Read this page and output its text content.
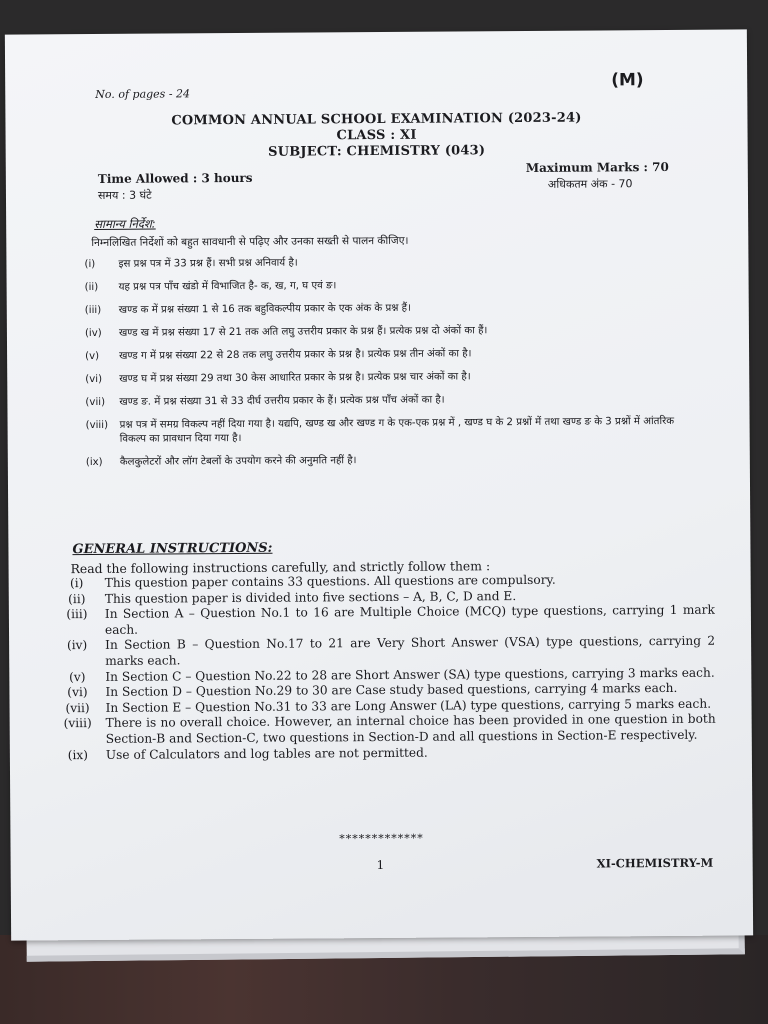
No. of pages - 24
(M)
COMMON ANNUAL SCHOOL EXAMINATION (2023-24)
CLASS : XI
SUBJECT: CHEMISTRY (043)
Time Allowed : 3 hours
समय : 3 घंटे
Maximum Marks : 70
अधिकतम अंक - 70
सामान्य निर्देश:
निम्नलिखित निर्देशों को बहुत सावधानी से पढ़िए और उनका सख्ती से पालन कीजिए।
(i) इस प्रश्न पत्र में 33 प्रश्न हैं। सभी प्रश्न अनिवार्य है।
(ii) यह प्रश्न पत्र पाँच खंडो में विभाजित है- क, ख, ग, घ एवं ङ।
(iii) खण्ड क में प्रश्न संख्या 1 से 16 तक बहुविकल्पीय प्रकार के एक अंक के प्रश्न हैं।
(iv) खण्ड ख में प्रश्न संख्या 17 से 21 तक अति लघु उत्तरीय प्रकार के प्रश्न हैं। प्रत्येक प्रश्न दो अंकों का हैं।
(v) खण्ड ग में प्रश्न संख्या 22 से 28 तक लघु उत्तरीय प्रकार के प्रश्न है। प्रत्येक प्रश्न तीन अंकों का है।
(vi) खण्ड घ में प्रश्न संख्या 29 तथा 30 केस आधारित प्रकार के प्रश्न है। प्रत्येक प्रश्न चार अंकों का है।
(vii) खण्ड ङ. में प्रश्न संख्या 31 से 33 दीर्घ उत्तरीय प्रकार के हैं। प्रत्येक प्रश्न पाँच अंकों का है।
(viii) प्रश्न पत्र में समग्र विकल्प नहीं दिया गया है। यद्यपि, खण्ड ख और खण्ड ग के एक-एक प्रश्न में , खण्ड घ के 2 प्रश्नों में तथा खण्ड ङ के 3 प्रश्नों में आंतरिक विकल्प का प्रावधान दिया गया है।
(ix) कैलकुलेटरों और लॉग टेबलों के उपयोग करने की अनुमति नहीं है।
GENERAL INSTRUCTIONS:
Read the following instructions carefully, and strictly follow them :
(i)	This question paper contains 33 questions. All questions are compulsory.
(ii)	This question paper is divided into five sections – A, B, C, D and E.
(iii)	In Section A – Question No.1 to 16 are Multiple Choice (MCQ) type questions, carrying 1 mark each.
(iv)	In Section B – Question No.17 to 21 are Very Short Answer (VSA) type questions, carrying 2 marks each.
(v)	In Section C – Question No.22 to 28 are Short Answer (SA) type questions, carrying 3 marks each.
(vi)	In Section D – Question No.29 to 30 are Case study based questions, carrying 4 marks each.
(vii)	In Section E – Question No.31 to 33 are Long Answer (LA) type questions, carrying 5 marks each.
(viii)	There is no overall choice. However, an internal choice has been provided in one question in both Section-B and Section-C, two questions in Section-D and all questions in Section-E respectively.
(ix)	Use of Calculators and log tables are not permitted.
*************
1	XI-CHEMISTRY-M
